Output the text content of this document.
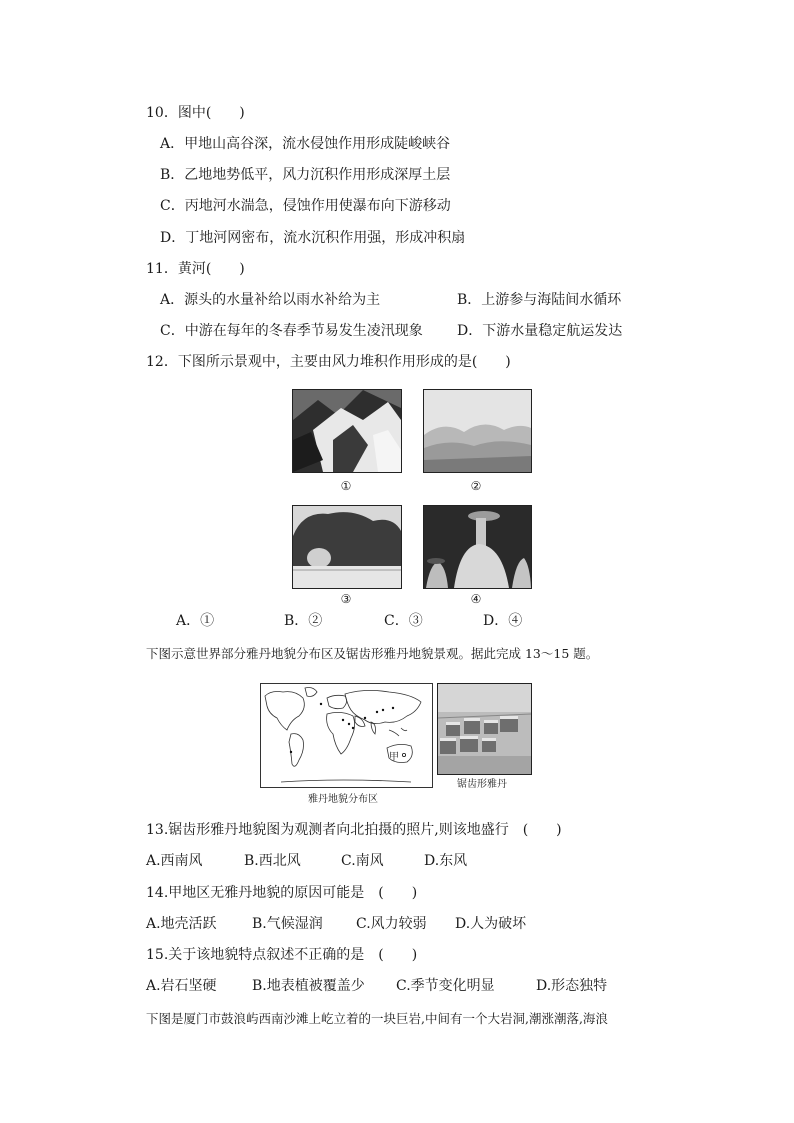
10．图中(　　)
A．甲地山高谷深，流水侵蚀作用形成陡峻峡谷
B．乙地地势低平，风力沉积作用形成深厚土层
C．丙地河水湍急，侵蚀作用使瀑布向下游移动
D．丁地河网密布，流水沉积作用强，形成冲积扇
11．黄河(　　)
A．源头的水量补给以雨水补给为主	B．上游参与海陆间水循环
C．中游在每年的冬春季节易发生凌汛现象 D．下游水量稳定航运发达
12．下图所示景观中，主要由风力堆积作用形成的是(　　)
①	②
③	④
A．①	B．②	C．③	D．④
下图示意世界部分雅丹地貌分布区及锯齿形雅丹地貌景观。据此完成 13～15 题。
甲
雅丹地貌分布区
锯齿形雅丹
13.锯齿形雅丹地貌图为观测者向北拍摄的照片,则该地盛行　(　　)
A.西南风	B.西北风	C.南风	D.东风
14.甲地区无雅丹地貌的原因可能是　(　　)
A.地壳活跃	B.气候湿润 C.风力较弱 D.人为破坏
15.关于该地貌特点叙述不正确的是　(　　)
A.岩石坚硬	B.地表植被覆盖少 C.季节变化明显	D.形态独特
下图是厦门市鼓浪屿西南沙滩上屹立着的一块巨岩,中间有一个大岩洞,潮涨潮落,海浪
